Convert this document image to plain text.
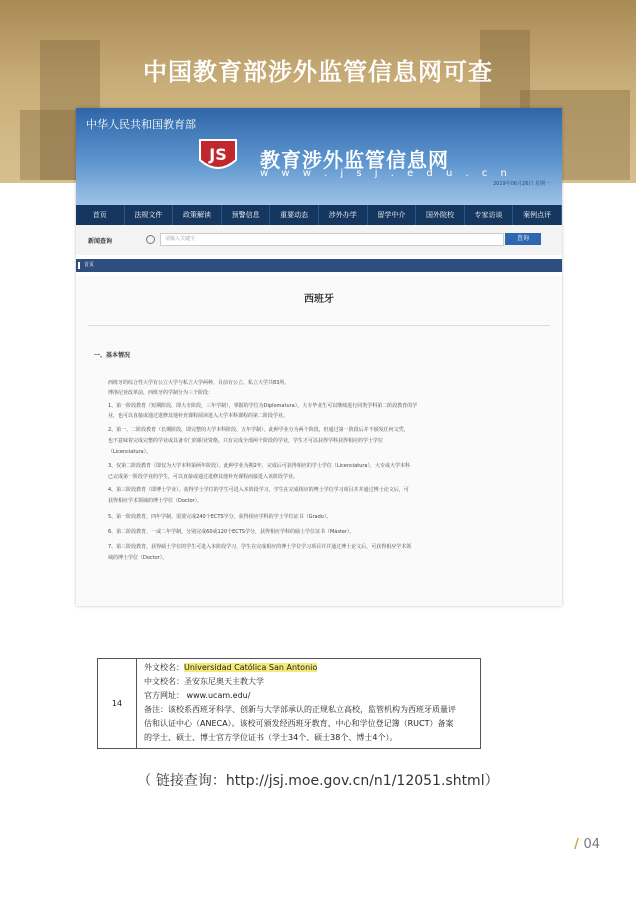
中国教育部涉外监管信息网可查
中华人民共和国教育部
JS 教育涉外监管信息网
w w w . j s j . e d u . c n
2019年06月26日 星期一
首页	法规文件	政策解读	预警信息	重要动态	涉外办学	留学中介	国外院校	专家访谈	案例点评
新闻查询	请输入关键字	查询
首页
西班牙
一、基本情况
西班牙的综合性大学有公立大学与私立大学两种。目前有公立、私立大学共83所。
博洛尼亚改革前，西班牙的学制分为三个阶段：
1、第一阶段教育（短期阶段，即大专阶段，三年学制），掌握的学位为Diplomatura）。大专毕业生可以继续进行同类学科第二阶段教育的学
业，也可以直接或通过进修其他补充课程阅读进入大学本科课程的第二阶段学业。
2、第一、二阶段教育（长期阶段，即完整的大学本科阶段，五年学制）。此种学业分为两个阶段，但通过第一阶段后并不颁发任何文凭，
也不意味着完成完整的学业或具备专门的职业资格。只有完成全部两个阶段的学业，学生才可以获得学科获得相应的学士学位
（Licenciatura）。
3、仅第二阶段教育（即仅为大学本科第两年阶段）。此种学业为期2年，完成后可获得相应的学士学位（Licenciatura），大专或大学本科
已完成第一阶段学业的学生，可以直接或通过进修其他补充课程而接进入该阶段学业。
4、第三阶段教育（即博士学业）。获得学士学位的学生可进入本阶段学习，学生在完成相应的博士学位学习项目并并通过博士论文后，可
获得相应学术领域的博士学位（Doctor）。
5、第一阶段教育，四年学制，需要完成240个ECTS学分，获得相应学科的学士学位证书（Grado）。
6、第二阶段教育，一或二年学制，分别完成60或120个ECTS学分，获得相应学科的硕士学位证书（Máster）。
7、第三阶段教育，获得硕士学位的学生可进入本阶段学习，学生在完成相应的博士学位学习项目并并通过博士论文后，可获得相应学术领
域的博士学位（Doctor）。
14
外文校名：Universidad Católica San Antonio
中文校名：圣安东尼奥天主教大学
官方网址： www.ucam.edu/
备注：该校系西班牙科学、创新与大学部承认的正规私立高校，监管机构为西班牙质量评
估和认证中心（ANECA）。该校可颁发经西班牙教育、中心和学位登记簿（RUCT）备案
的学士、硕士、博士官方学位证书（学士34个、硕士38个、博士4个）。
（ 链接查询：http://jsj.moe.gov.cn/n1/12051.shtml）
/ 04
